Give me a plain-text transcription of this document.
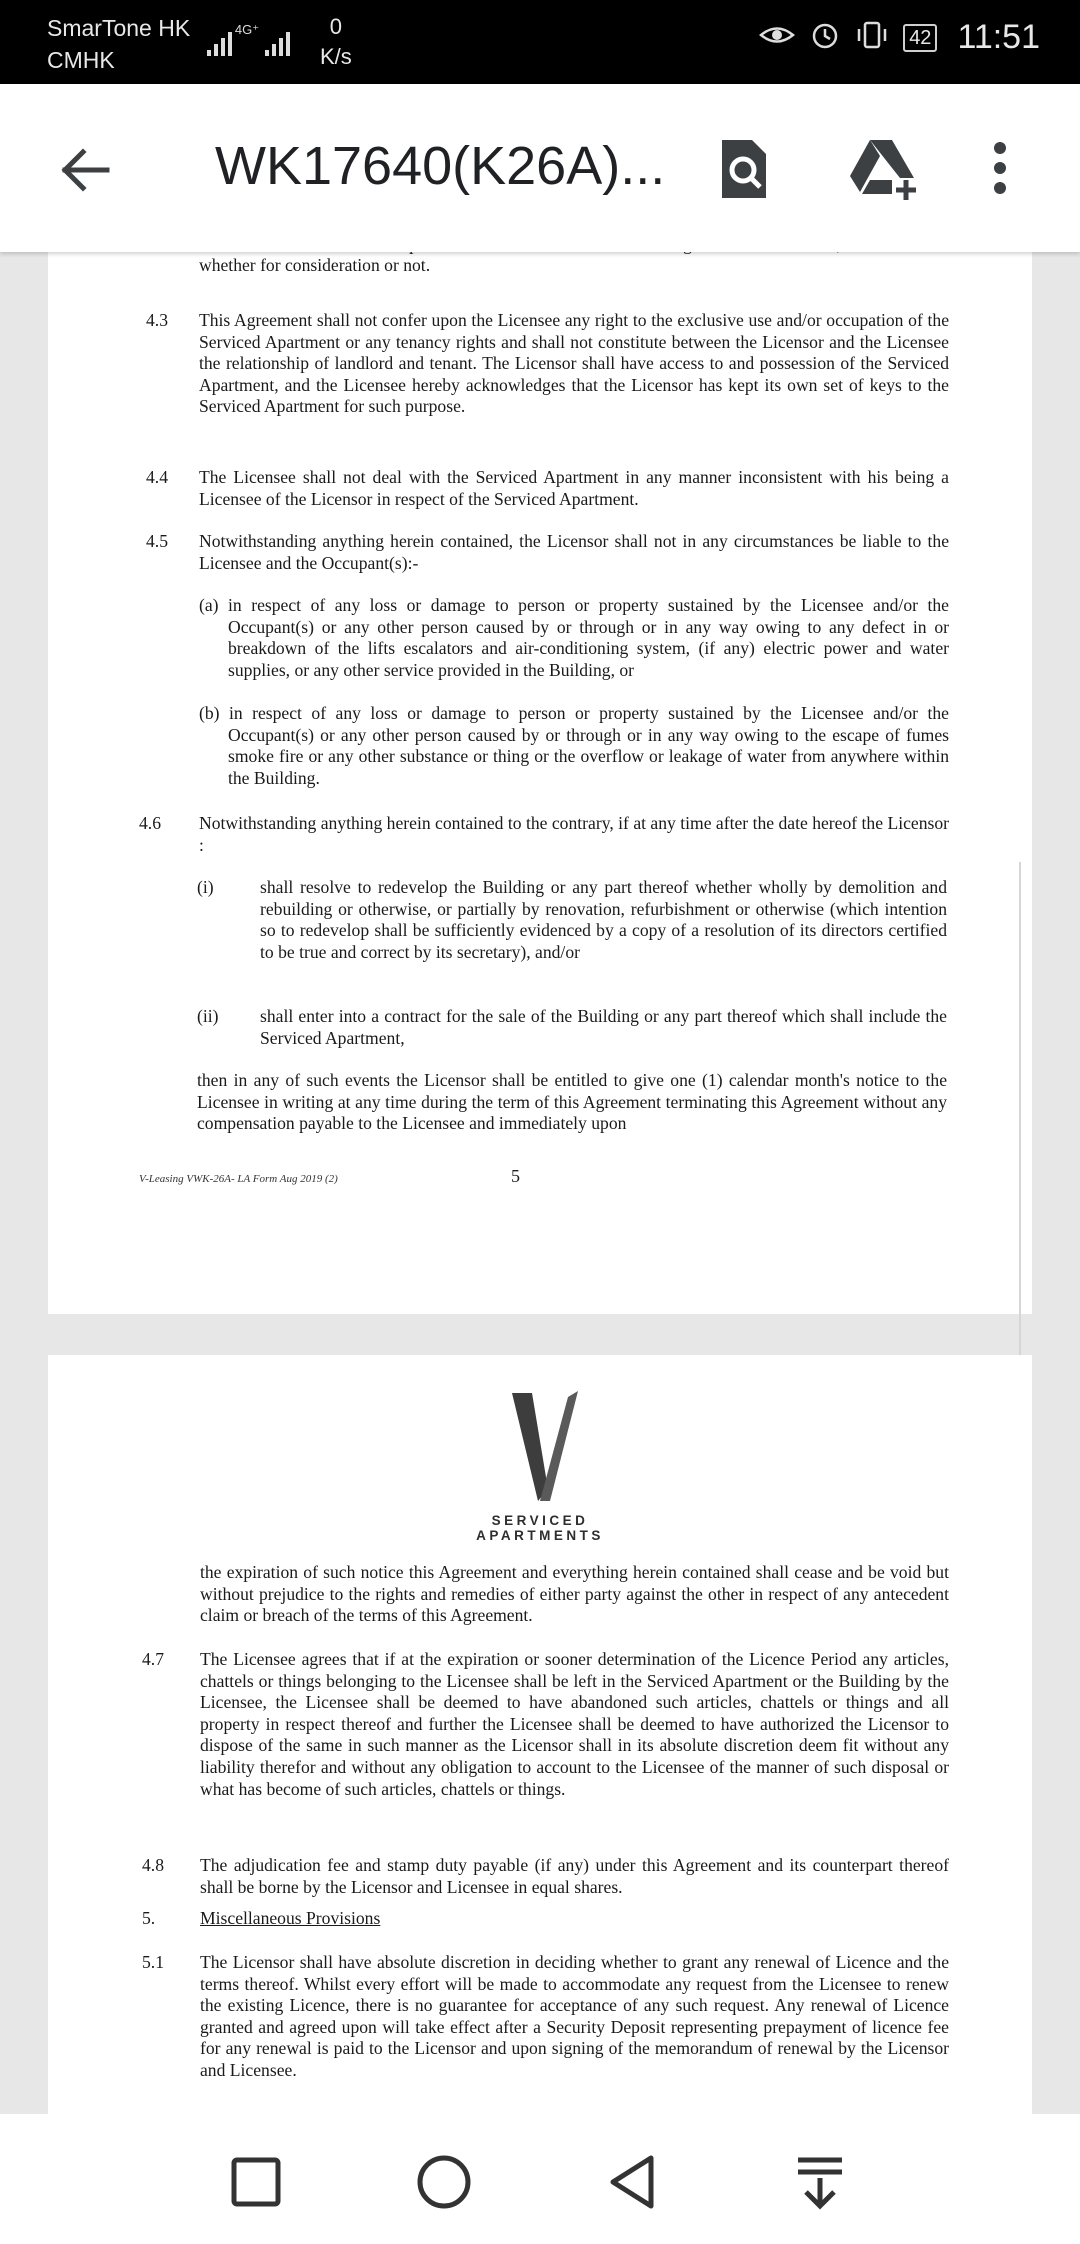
SmarTone HK
CMHK
4G⁺	0
K/s
42 11:51
WK17640(K26A)...
whether for consideration or not.
4.3 This Agreement shall not confer upon the Licensee any right to the exclusive use and/or occupation of the Serviced Apartment or any tenancy rights and shall not constitute between the Licensor and the Licensee the relationship of landlord and tenant. The Licensor shall have access to and possession of the Serviced Apartment, and the Licensee hereby acknowledges that the Licensor has kept its own set of keys to the Serviced Apartment for such purpose.
4.4 The Licensee shall not deal with the Serviced Apartment in any manner inconsistent with his being a Licensee of the Licensor in respect of the Serviced Apartment.
4.5 Notwithstanding anything herein contained, the Licensor shall not in any circumstances be liable to the Licensee and the Occupant(s):-
(a) in respect of any loss or damage to person or property sustained by the Licensee and/or the Occupant(s) or any other person caused by or through or in any way owing to any defect in or breakdown of the lifts escalators and air-conditioning system, (if any) electric power and water supplies, or any other service provided in the Building, or
(b) in respect of any loss or damage to person or property sustained by the Licensee and/or the Occupant(s) or any other person caused by or through or in any way owing to the escape of fumes smoke fire or any other substance or thing or the overflow or leakage of water from anywhere within the Building.
4.6 Notwithstanding anything herein contained to the contrary, if at any time after the date hereof the Licensor :
(i)	shall resolve to redevelop the Building or any part thereof whether wholly by demolition and rebuilding or otherwise, or partially by renovation, refurbishment or otherwise (which intention so to redevelop shall be sufficiently evidenced by a copy of a resolution of its directors certified to be true and correct by its secretary), and/or
(ii) shall enter into a contract for the sale of the Building or any part thereof which shall include the Serviced Apartment,
then in any of such events the Licensor shall be entitled to give one (1) calendar month's notice to the Licensee in writing at any time during the term of this Agreement terminating this Agreement without any compensation payable to the Licensee and immediately upon
V-Leasing VWK-26A- LA Form Aug 2019 (2)	5
V
SERVICED
APARTMENTS
the expiration of such notice this Agreement and everything herein contained shall cease and be void but without prejudice to the rights and remedies of either party against the other in respect of any antecedent claim or breach of the terms of this Agreement.
4.7 The Licensee agrees that if at the expiration or sooner determination of the Licence Period any articles, chattels or things belonging to the Licensee shall be left in the Serviced Apartment or the Building by the Licensee, the Licensee shall be deemed to have abandoned such articles, chattels or things and all property in respect thereof and further the Licensee shall be deemed to have authorized the Licensor to dispose of the same in such manner as the Licensor shall in its absolute discretion deem fit without any liability therefor and without any obligation to account to the Licensee of the manner of such disposal or what has become of such articles, chattels or things.
4.8 The adjudication fee and stamp duty payable (if any) under this Agreement and its counterpart thereof shall be borne by the Licensor and Licensee in equal shares.
5.	Miscellaneous Provisions
5.1 The Licensor shall have absolute discretion in deciding whether to grant any renewal of Licence and the terms thereof. Whilst every effort will be made to accommodate any request from the Licensee to renew the existing Licence, there is no guarantee for acceptance of any such request. Any renewal of Licence granted and agreed upon will take effect after a Security Deposit representing prepayment of licence fee for any renewal is paid to the Licensor and upon signing of the memorandum of renewal by the Licensor and Licensee.
